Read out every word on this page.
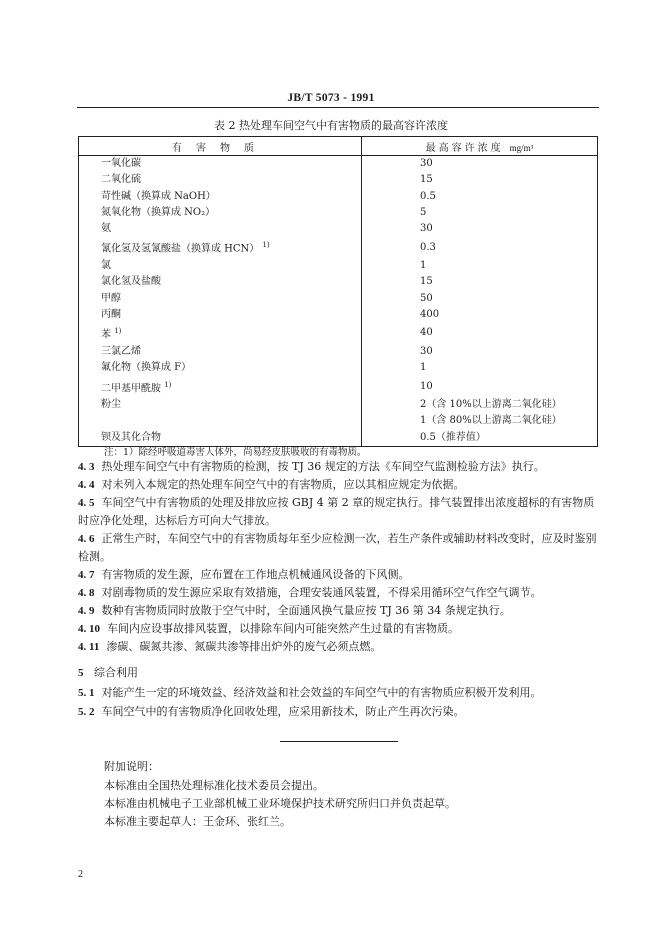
JB/T 5073 - 1991
表 2 热处理车间空气中有害物质的最高容许浓度
有害物质	最高容许浓度 mg/m³
一氧化碳	30
二氧化硫	15
苛性碱（换算成 NaOH）	0.5
氮氧化物（换算成 NO₂）	5
氨	30
氰化氢及氢氰酸盐（换算成 HCN） $^{1)}$	0.3
氯	1
氯化氢及盐酸	15
甲醇	50
丙酮	400
苯 $^{1)}$	40
三氯乙烯	30
氟化物（换算成 F）	1
二甲基甲酰胺 $^{1)}$	10
粉尘	2（含 10%以上游离二氧化硅）
	1（含 80%以上游离二氧化硅）
钡及其化合物	0.5（推荐值）
注：1）除经呼吸道毒害人体外，尚易经皮肤吸收的有毒物质。
4. 3 热处理车间空气中有害物质的检测，按 TJ 36 规定的方法《车间空气监测检验方法》执行。
4. 4 对未列入本规定的热处理车间空气中的有害物质，应以其相应规定为依据。
4. 5 车间空气中有害物质的处理及排放应按 GBJ 4 第 2 章的规定执行。排气装置排出浓度超标的有害物质时应净化处理，达标后方可向大气排放。
4. 6 正常生产时，车间空气中的有害物质每年至少应检测一次，若生产条件或辅助材料改变时，应及时鉴别检测。
4. 7 有害物质的发生源，应布置在工作地点机械通风设备的下风侧。
4. 8 对剧毒物质的发生源应采取有效措施，合理安装通风装置，不得采用循环空气作空气调节。
4. 9 数种有害物质同时放散于空气中时，全面通风换气量应按 TJ 36 第 34 条规定执行。
4. 10 车间内应设事故排风装置，以排除车间内可能突然产生过量的有害物质。
4. 11 渗碳、碳氮共渗、氮碳共渗等排出炉外的废气必须点燃。
5 综合利用
5. 1 对能产生一定的环境效益、经济效益和社会效益的车间空气中的有害物质应积极开发利用。
5. 2 车间空气中的有害物质净化回收处理，应采用新技术，防止产生再次污染。
附加说明：
本标准由全国热处理标准化技术委员会提出。
本标准由机械电子工业部机械工业环境保护技术研究所归口并负责起草。
本标准主要起草人：王金环、张红兰。
2
